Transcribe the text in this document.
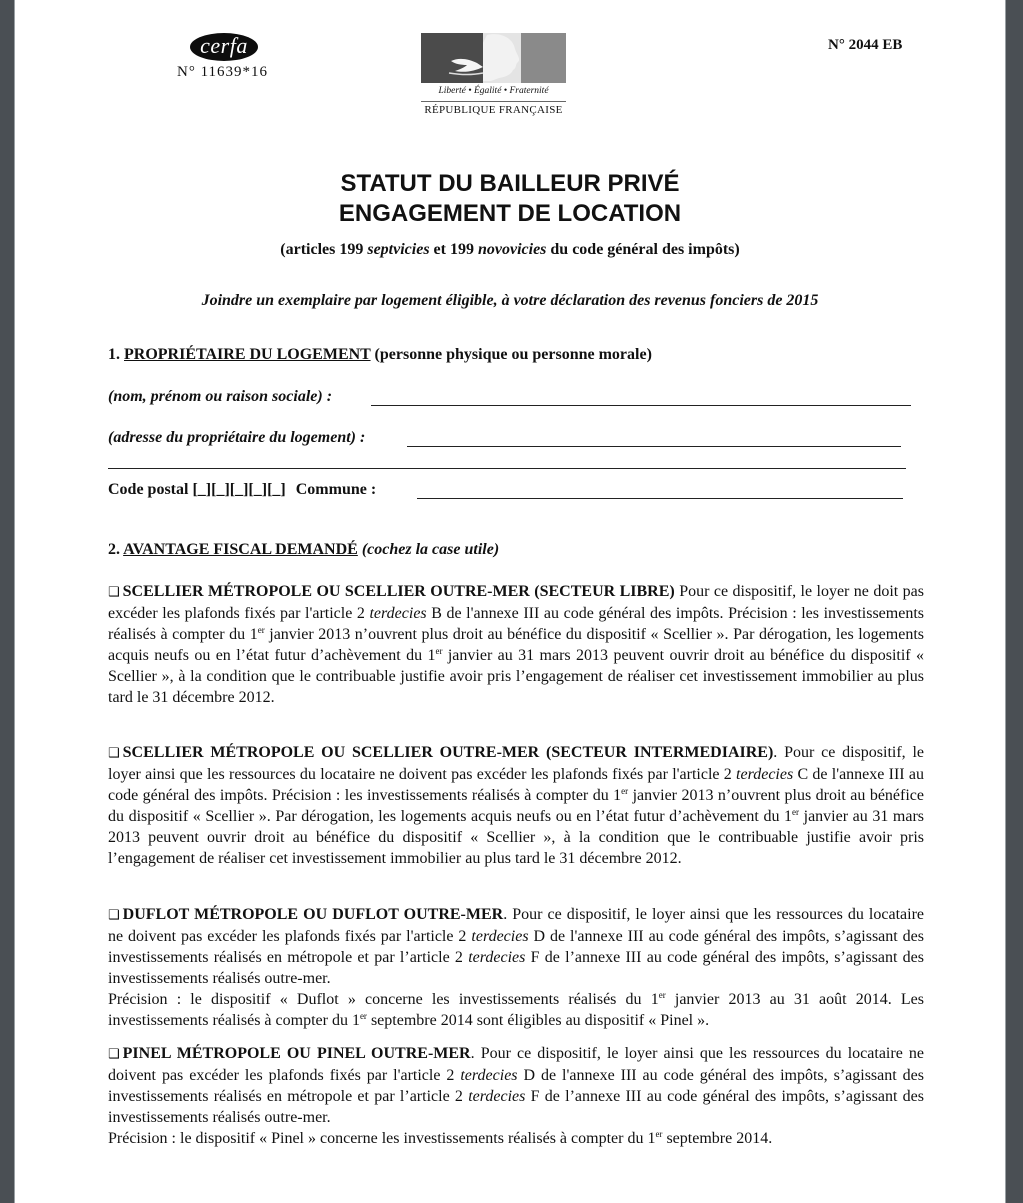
cerfa
N° 11639*16
Liberté • Égalité • Fraternité
RÉPUBLIQUE FRANÇAISE
N° 2044 EB
STATUT DU BAILLEUR PRIVÉ
ENGAGEMENT DE LOCATION
(articles 199 septvicies et 199 novovicies du code général des impôts)
Joindre un exemplaire par logement éligible, à votre déclaration des revenus fonciers de 2015
1. PROPRIÉTAIRE DU LOGEMENT (personne physique ou personne morale)
(nom, prénom ou raison sociale) :
(adresse du propriétaire du logement) :
Code postal [_][_][_][_][_] Commune :
2. AVANTAGE FISCAL DEMANDÉ (cochez la case utile)
❑ SCELLIER MÉTROPOLE OU SCELLIER OUTRE-MER (SECTEUR LIBRE) Pour ce dispositif, le loyer ne doit pas excéder les plafonds fixés par l'article 2 terdecies B de l'annexe III au code général des impôts. Précision : les investissements réalisés à compter du 1er janvier 2013 n’ouvrent plus droit au bénéfice du dispositif « Scellier ». Par dérogation, les logements acquis neufs ou en l’état futur d’achèvement du 1er janvier au 31 mars 2013 peuvent ouvrir droit au bénéfice du dispositif « Scellier », à la condition que le contribuable justifie avoir pris l’engagement de réaliser cet investissement immobilier au plus tard le 31 décembre 2012.
❑ SCELLIER MÉTROPOLE OU SCELLIER OUTRE-MER (SECTEUR INTERMEDIAIRE). Pour ce dispositif, le loyer ainsi que les ressources du locataire ne doivent pas excéder les plafonds fixés par l'article 2 terdecies C de l'annexe III au code général des impôts. Précision : les investissements réalisés à compter du 1er janvier 2013 n’ouvrent plus droit au bénéfice du dispositif « Scellier ». Par dérogation, les logements acquis neufs ou en l’état futur d’achèvement du 1er janvier au 31 mars 2013 peuvent ouvrir droit au bénéfice du dispositif « Scellier », à la condition que le contribuable justifie avoir pris l’engagement de réaliser cet investissement immobilier au plus tard le 31 décembre 2012.
❑ DUFLOT MÉTROPOLE OU DUFLOT OUTRE-MER. Pour ce dispositif, le loyer ainsi que les ressources du locataire ne doivent pas excéder les plafonds fixés par l'article 2 terdecies D de l'annexe III au code général des impôts, s’agissant des investissements réalisés en métropole et par l’article 2 terdecies F de l’annexe III au code général des impôts, s’agissant des investissements réalisés outre-mer.
Précision : le dispositif « Duflot » concerne les investissements réalisés du 1er janvier 2013 au 31 août 2014. Les investissements réalisés à compter du 1er septembre 2014 sont éligibles au dispositif « Pinel ».
❑ PINEL MÉTROPOLE OU PINEL OUTRE-MER. Pour ce dispositif, le loyer ainsi que les ressources du locataire ne doivent pas excéder les plafonds fixés par l'article 2 terdecies D de l'annexe III au code général des impôts, s’agissant des investissements réalisés en métropole et par l’article 2 terdecies F de l’annexe III au code général des impôts, s’agissant des investissements réalisés outre-mer.
Précision : le dispositif « Pinel » concerne les investissements réalisés à compter du 1er septembre 2014.
